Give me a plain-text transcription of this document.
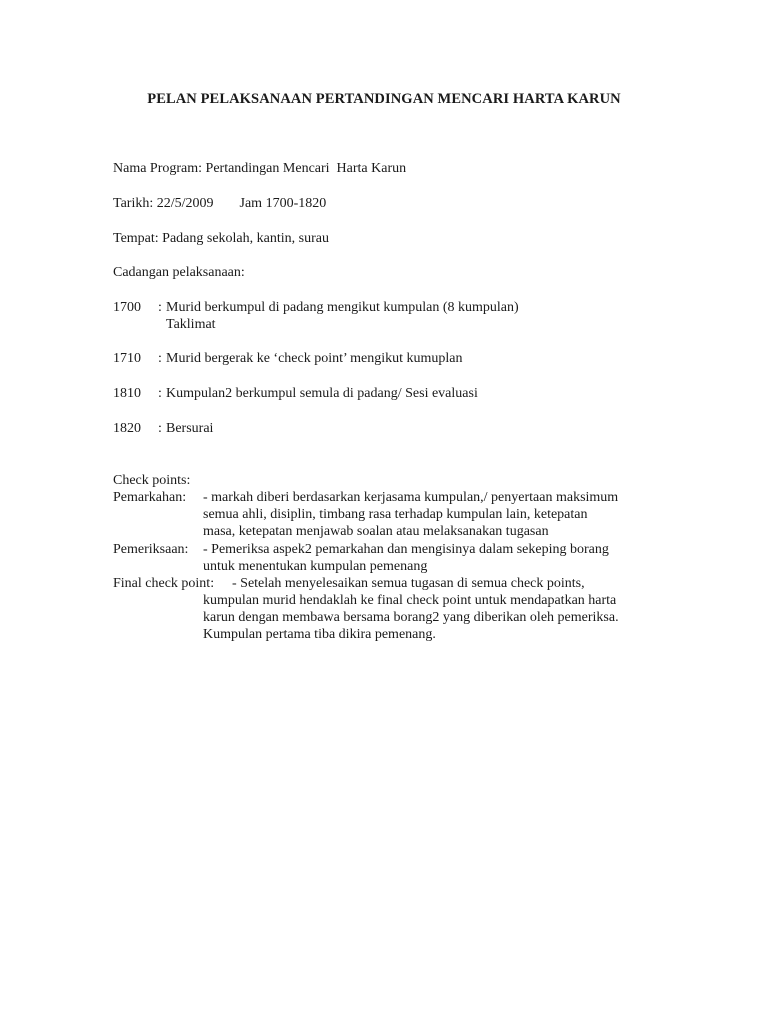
PELAN PELAKSANAAN PERTANDINGAN MENCARI HARTA KARUN
Nama Program: Pertandingan Mencari  Harta Karun
Tarikh: 22/5/2009 Jam 1700-1820
Tempat: Padang sekolah, kantin, surau
Cadangan pelaksanaan:
1700 : Murid berkumpul di padang mengikut kumpulan (8 kumpulan)
Taklimat
1710 : Murid bergerak ke ‘check point’ mengikut kumuplan
1810 : Kumpulan2 berkumpul semula di padang/ Sesi evaluasi
1820 : Bersurai
Check points:
Pemarkahan: - markah diberi berdasarkan kerjasama kumpulan,/ penyertaan maksimum
semua ahli, disiplin, timbang rasa terhadap kumpulan lain, ketepatan
masa, ketepatan menjawab soalan atau melaksanakan tugasan
Pemeriksaan: - Pemeriksa aspek2 pemarkahan dan mengisinya dalam sekeping borang
untuk menentukan kumpulan pemenang
Final check point: - Setelah menyelesaikan semua tugasan di semua check points,
kumpulan murid hendaklah ke final check point untuk mendapatkan harta
karun dengan membawa bersama borang2 yang diberikan oleh pemeriksa.
Kumpulan pertama tiba dikira pemenang.
